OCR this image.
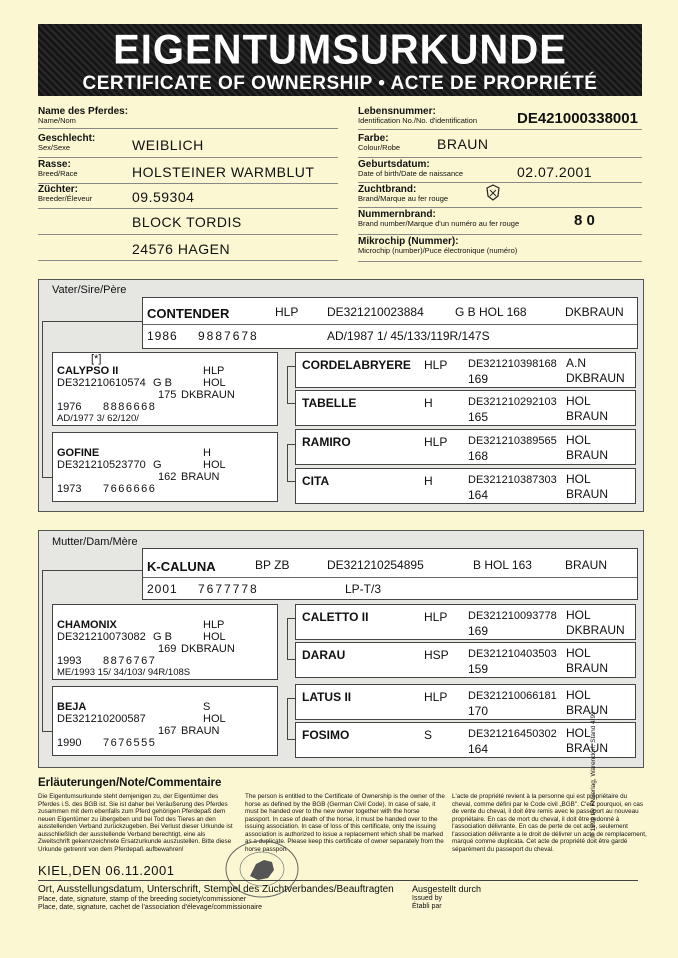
EIGENTUMSURKUNDE
CERTIFICATE OF OWNERSHIP • ACTE DE PROPRIÉTÉ
Name des Pferdes:
Name/Nom
Geschlecht:
Sex/Sexe	WEIBLICH
Rasse:
Breed/Race	HOLSTEINER WARMBLUT
Züchter:
Breeder/Éleveur	09.59304
BLOCK TORDIS
24576 HAGEN
Lebensnummer:
Identification No./No. d'identification	DE421000338001
Farbe:
Colour/Robe	BRAUN
Geburtsdatum:
Date of birth/Date de naissance	02.07.2001
Zuchtbrand:
Brand/Marque au fer rouge
Nummernbrand:
Brand number/Marque d'un numéro au fer rouge	8 0
Mikrochip (Nummer):
Microchip (number)/Puce électronique (numéro)
Vater/Sire/Père
CONTENDER	HLP DE321210023884	G B HOL 168	DKBRAUN
1986 9887678	AD/1987 1/ 45/133/119R/147S
[*]
CALYPSO II	HLP
DE321210610574 G B	HOL
175 DKBRAUN
1976 8886668
AD/1977 3/ 62/120/
GOFINE	H
DE321210523770 G	HOL
162 BRAUN
1973 7666666
CORDELABRYERE HLP DE321210398168 A.N
169	DKBRAUN
TABELLE	H	DE321210292103 HOL
165	BRAUN
RAMIRO	HLP DE321210389565 HOL
168	BRAUN
CITA	H	DE321210387303 HOL
164	BRAUN
Mutter/Dam/Mère
K-CALUNA	BP ZB	DE321210254895	B HOL 163	BRAUN
2001 7677778	LP-T/3
CHAMONIX	HLP
DE321210073082 G B	HOL
169 DKBRAUN
1993 8876767
ME/1993 15/ 34/103/ 94R/108S
BEJA	S
DE321210200587	HOL
167 BRAUN
1990 7676555
CALETTO II	HLP DE321210093778 HOL
169	DKBRAUN
DARAU	HSP DE321210403503 HOL
159	BRAUN
LATUS II	HLP DE321210066181 HOL
170	BRAUN
FOSIMO	S	DE321216450302 HOL
164	BRAUN
Erläuterungen/Note/Commentaire
Die Eigentumsurkunde steht demjenigen zu, der Eigentümer des Pferdes i.S. des BGB ist. Sie ist daher bei Veräußerung des Pferdes zusammen mit dem ebenfalls zum Pferd gehörigen Pferdepaß dem neuen Eigentümer zu übergeben und bei Tod des Tieres an den ausstellenden Verband zurückzugeben. Bei Verlust dieser Urkunde ist ausschließlich der ausstellende Verband berechtigt, eine als Zweitschrift gekennzeichnete Ersatzurkunde auszustellen. Bitte diese Urkunde getrennt von dem Pferdepaß aufbewahren!
The person is entitled to the Certificate of Ownership is the owner of the horse as defined by the BGB (German Civil Code). In case of sale, it must be handed over to the new owner together with the horse passport. In case of death of the horse, it must be handed over to the issuing association. In case of loss of this certificate, only the issuing association is authorized to issue a replacement which shall be marked as a duplicate. Please keep this certificate of owner separately from the horse passport
L'acte de propriété revient à la personne qui est propriétaire du cheval, comme défini par le Code civil „BGB". C'est pourquoi, en cas de vente du cheval, il doit être remis avec le passeport au nouveau propriétaire. En cas de mort du cheval, il doit être redonné à l'association délivrante. En cas de perte de cet acte, seulement l'association délivrante a le droit de délivrer un acte de remplacement, marqué comme duplicata. Cet acte de propriété doit être gardé séparément du passeport du cheval.
KIEL,DEN 06.11.2001
Ort, Ausstellungsdatum, Unterschrift, Stempel des Zuchtverbandes/Beauftragten
Place, date, signature, stamp of the breeding society/commissioner
Place, date, signature, cachet de l'association d'élevage/commissionaire
Ausgestellt durch
Issued by
Établi par
© 1999 by FNverlag, Warendorf, Stand 4/99
